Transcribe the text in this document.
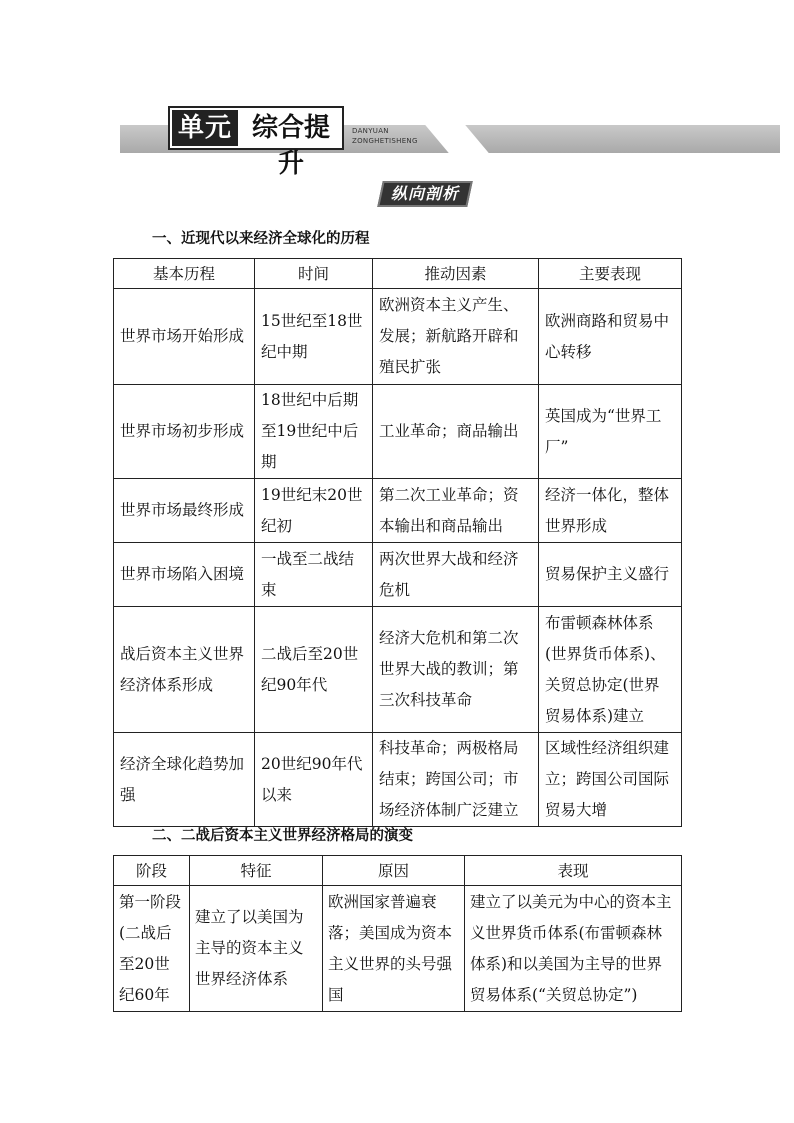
单元 综合提升
DANYUAN
ZONGHETISHENG
纵向剖析
一、近现代以来经济全球化的历程
基本历程	时间	推动因素	主要表现
世界市场开始形成	15世纪至18世纪中期	欧洲资本主义产生、发展；新航路开辟和殖民扩张	欧洲商路和贸易中心转移
世界市场初步形成	18世纪中后期至19世纪中后期	工业革命；商品输出	英国成为“世界工厂”
世界市场最终形成	19世纪末20世纪初	第二次工业革命；资本输出和商品输出	经济一体化，整体世界形成
世界市场陷入困境	一战至二战结束	两次世界大战和经济危机	贸易保护主义盛行
战后资本主义世界经济体系形成	二战后至20世纪90年代	经济大危机和第二次世界大战的教训；第三次科技革命	布雷顿森林体系(世界货币体系)、关贸总协定(世界贸易体系)建立
经济全球化趋势加强	20世纪90年代以来	科技革命；两极格局结束；跨国公司；市场经济体制广泛建立	区域性经济组织建立；跨国公司国际贸易大增
二、二战后资本主义世界经济格局的演变
阶段	特征	原因	表现
第一阶段(二战后至20世纪60年	建立了以美国为主导的资本主义世界经济体系	欧洲国家普遍衰落；美国成为资本主义世界的头号强国	建立了以美元为中心的资本主义世界货币体系(布雷顿森林体系)和以美国为主导的世界贸易体系(“关贸总协定”)
